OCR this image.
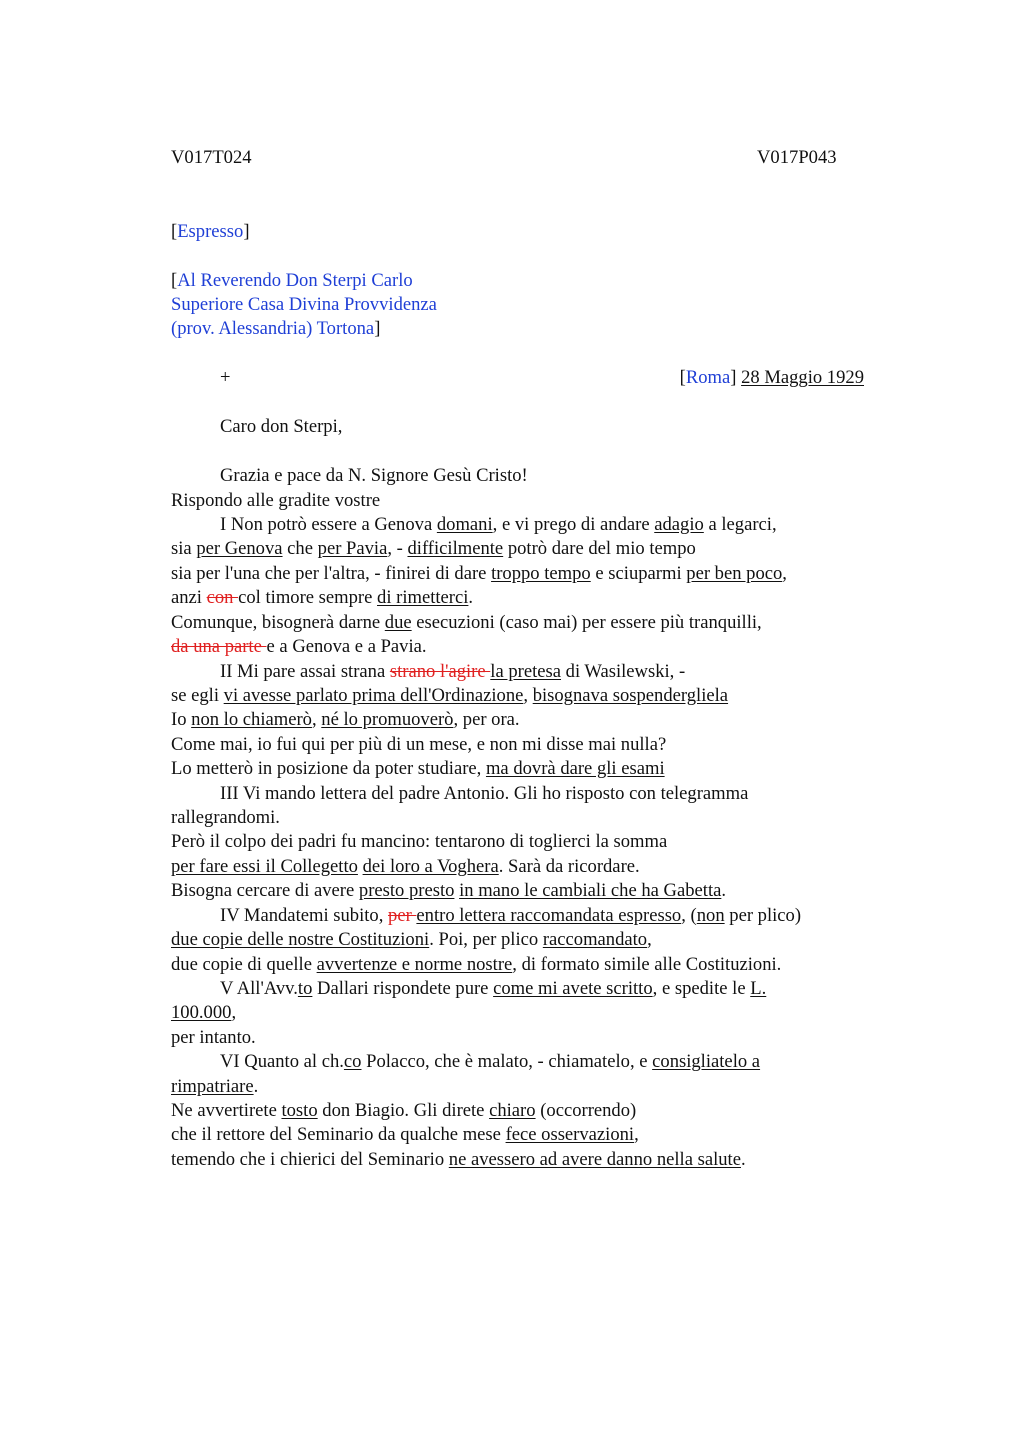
V017T024	V017P043
[Espresso]
[Al Reverendo Don Sterpi Carlo
Superiore Casa Divina Provvidenza
(prov. Alessandria) Tortona]
+	[Roma] 28 Maggio 1929
Caro don Sterpi,
Grazia e pace da N. Signore Gesù Cristo!
Rispondo alle gradite vostre
I Non potrò essere a Genova domani, e vi prego di andare adagio a legarci,
sia per Genova che per Pavia, - difficilmente potrò dare del mio tempo
sia per l'una che per l'altra, - finirei di dare troppo tempo e sciuparmi per ben poco,
anzi con col timore sempre di rimetterci.
Comunque, bisognerà darne due esecuzioni (caso mai) per essere più tranquilli,
da una parte e a Genova e a Pavia.
II Mi pare assai strana strano l'agire la pretesa di Wasilewski, -
se egli vi avesse parlato prima dell'Ordinazione, bisognava sospendergliela
Io non lo chiamerò, né lo promuoverò, per ora.
Come mai, io fui qui per più di un mese, e non mi disse mai nulla?
Lo metterò in posizione da poter studiare, ma dovrà dare gli esami
III Vi mando lettera del padre Antonio. Gli ho risposto con telegramma
rallegrandomi.
Però il colpo dei padri fu mancino: tentarono di toglierci la somma
per fare essi il Collegetto dei loro a Voghera. Sarà da ricordare.
Bisogna cercare di avere presto presto in mano le cambiali che ha Gabetta.
IV Mandatemi subito, per entro lettera raccomandata espresso, (non per plico)
due copie delle nostre Costituzioni. Poi, per plico raccomandato,
due copie di quelle avvertenze e norme nostre, di formato simile alle Costituzioni.
V All'Avv.to Dallari rispondete pure come mi avete scritto, e spedite le L.
100.000,
per intanto.
VI Quanto al ch.co Polacco, che è malato, - chiamatelo, e consigliatelo a
rimpatriare.
Ne avvertirete tosto don Biagio. Gli direte chiaro (occorrendo)
che il rettore del Seminario da qualche mese fece osservazioni,
temendo che i chierici del Seminario ne avessero ad avere danno nella salute.
